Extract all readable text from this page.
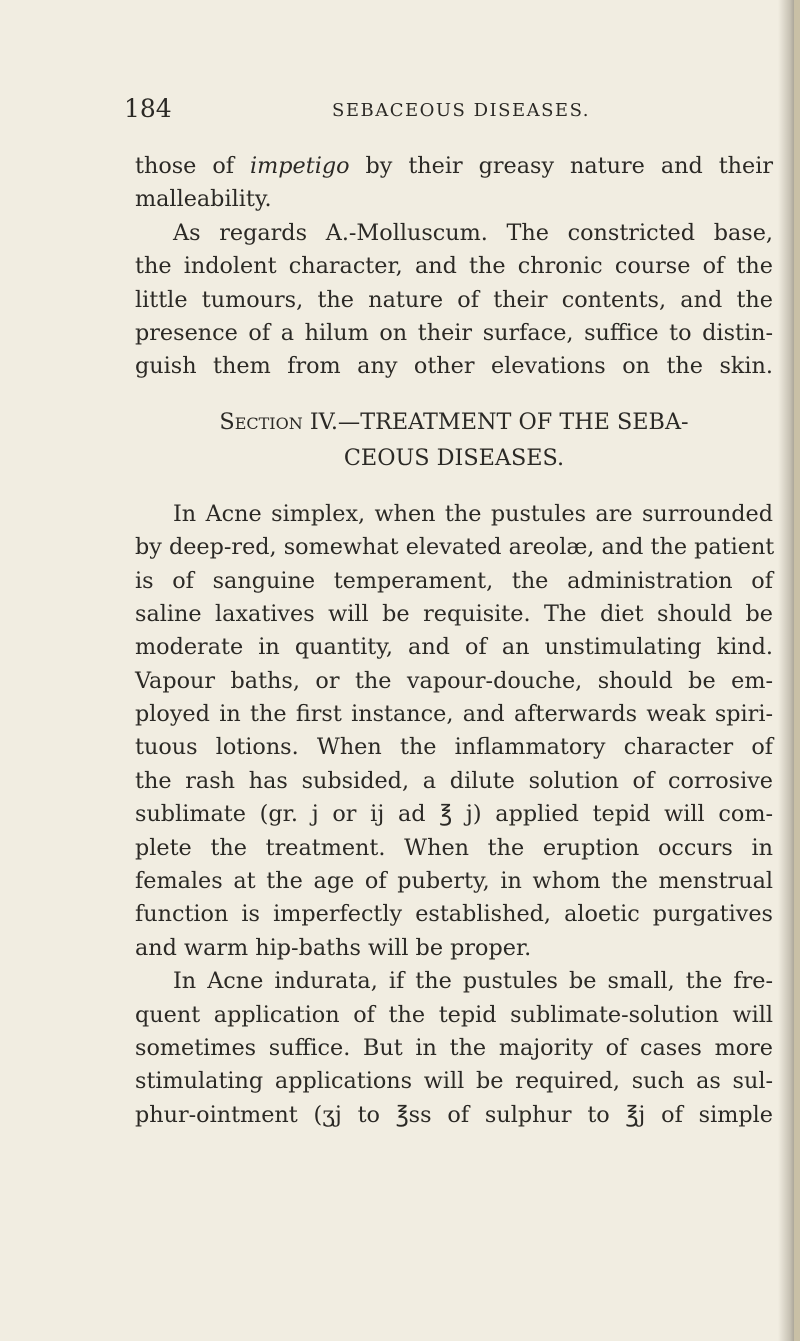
184	SEBACEOUS DISEASES.
those of impetigo by their greasy nature and their
malleability.
As regards A.-Molluscum. The constricted base,
the indolent character, and the chronic course of the
little tumours, the nature of their contents, and the
presence of a hilum on their surface, suffice to distin-
guish them from any other elevations on the skin.
Section IV.—TREATMENT OF THE SEBA-
CEOUS DISEASES.
In Acne simplex, when the pustules are surrounded
by deep-red, somewhat elevated areolæ, and the patient
is of sanguine temperament, the administration of
saline laxatives will be requisite. The diet should be
moderate in quantity, and of an unstimulating kind.
Vapour baths, or the vapour-douche, should be em-
ployed in the first instance, and afterwards weak spiri-
tuous lotions. When the inflammatory character of
the rash has subsided, a dilute solution of corrosive
sublimate (gr. j or ij ad ℥ j) applied tepid will com-
plete the treatment. When the eruption occurs in
females at the age of puberty, in whom the menstrual
function is imperfectly established, aloetic purgatives
and warm hip-baths will be proper.
In Acne indurata, if the pustules be small, the fre-
quent application of the tepid sublimate-solution will
sometimes suffice. But in the majority of cases more
stimulating applications will be required, such as sul-
phur-ointment (ʒj to ℥ss of sulphur to ℥j of simple
